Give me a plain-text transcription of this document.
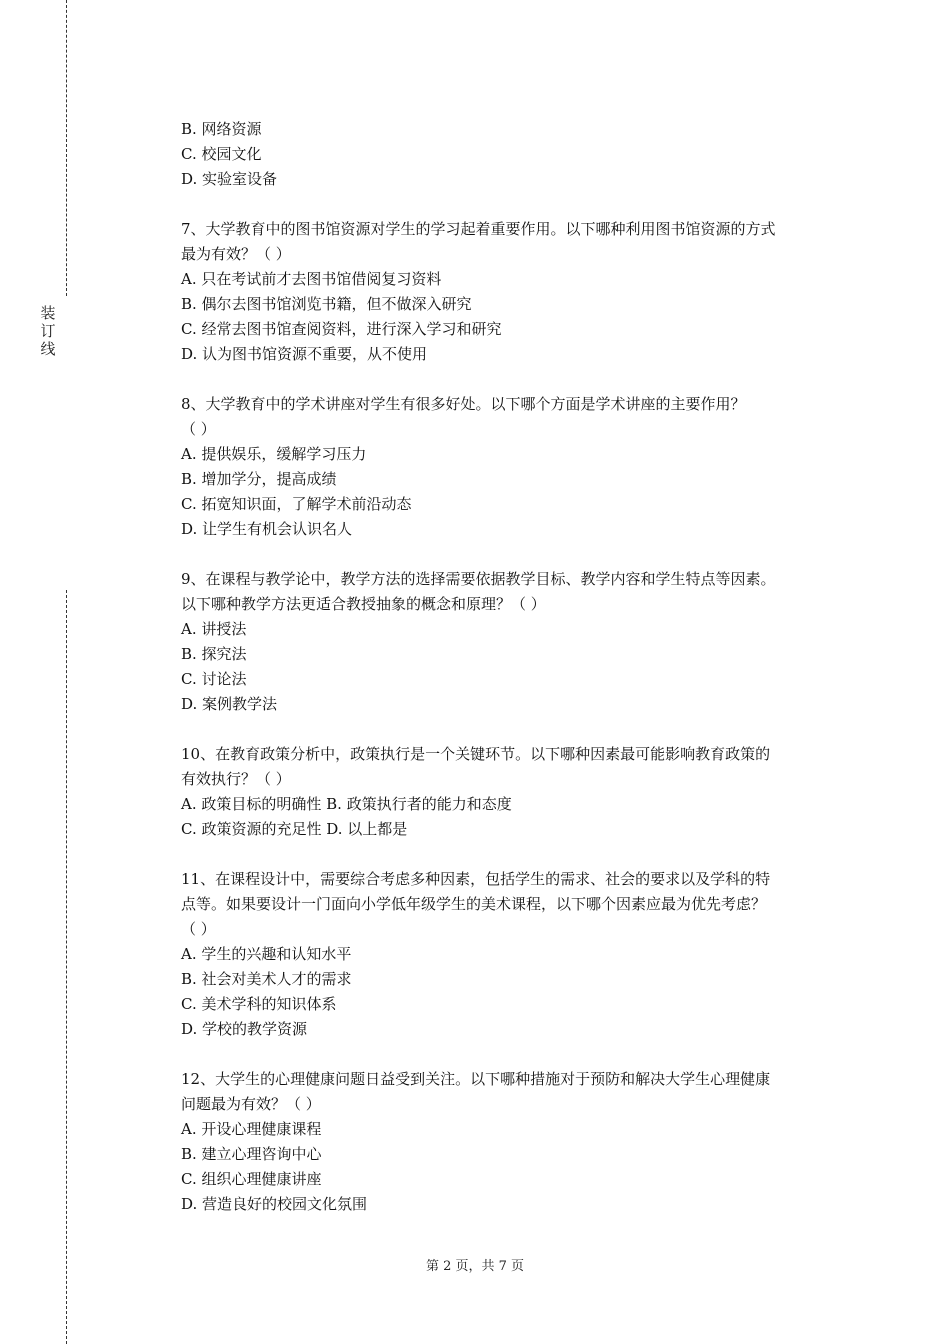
装
订
线
B. 网络资源
C. 校园文化
D. 实验室设备
7、大学教育中的图书馆资源对学生的学习起着重要作用。以下哪种利用图书馆资源的方式
最为有效？（ ）
A. 只在考试前才去图书馆借阅复习资料
B. 偶尔去图书馆浏览书籍，但不做深入研究
C. 经常去图书馆查阅资料，进行深入学习和研究
D. 认为图书馆资源不重要，从不使用
8、大学教育中的学术讲座对学生有很多好处。以下哪个方面是学术讲座的主要作用？
（ ）
A. 提供娱乐，缓解学习压力
B. 增加学分，提高成绩
C. 拓宽知识面，了解学术前沿动态
D. 让学生有机会认识名人
9、在课程与教学论中，教学方法的选择需要依据教学目标、教学内容和学生特点等因素。
以下哪种教学方法更适合教授抽象的概念和原理？（ ）
A. 讲授法
B. 探究法
C. 讨论法
D. 案例教学法
10、在教育政策分析中，政策执行是一个关键环节。以下哪种因素最可能影响教育政策的
有效执行？（ ）
A. 政策目标的明确性 B. 政策执行者的能力和态度
C. 政策资源的充足性 D. 以上都是
11、在课程设计中，需要综合考虑多种因素，包括学生的需求、社会的要求以及学科的特
点等。如果要设计一门面向小学低年级学生的美术课程，以下哪个因素应最为优先考虑？
（ ）
A. 学生的兴趣和认知水平
B. 社会对美术人才的需求
C. 美术学科的知识体系
D. 学校的教学资源
12、大学生的心理健康问题日益受到关注。以下哪种措施对于预防和解决大学生心理健康
问题最为有效？（ ）
A. 开设心理健康课程
B. 建立心理咨询中心
C. 组织心理健康讲座
D. 营造良好的校园文化氛围
第 2 页，共 7 页
